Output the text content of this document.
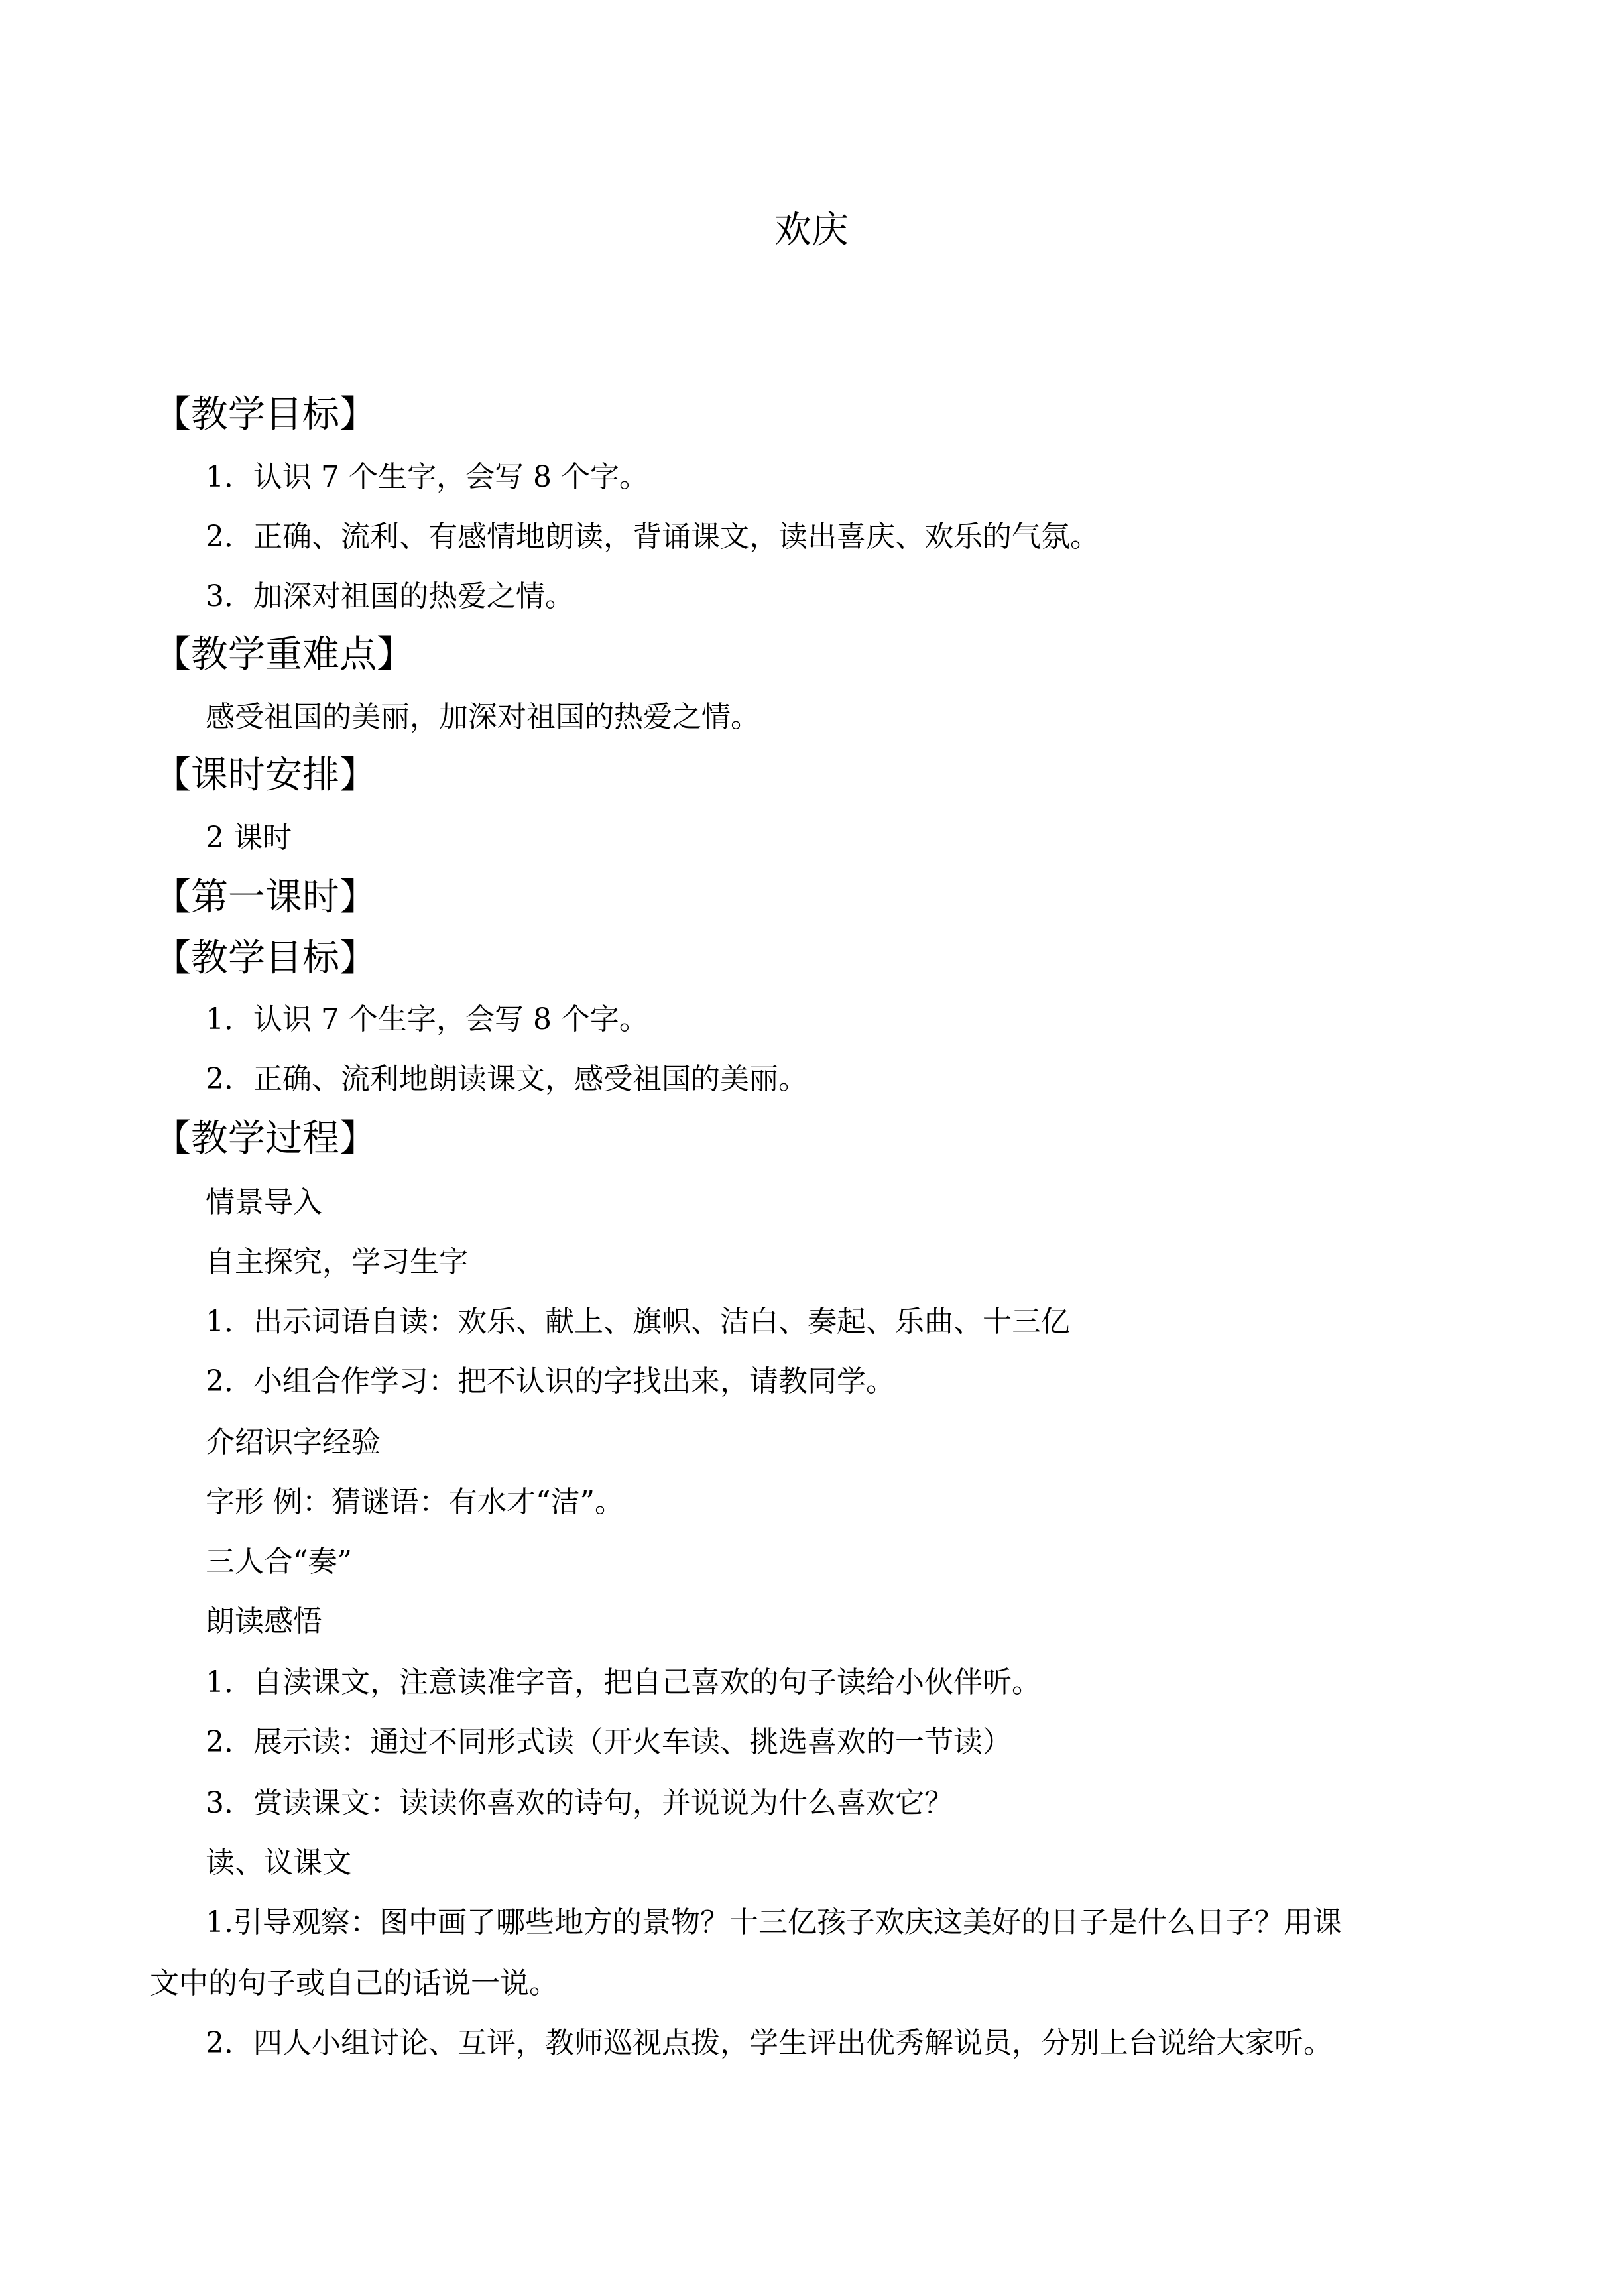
欢庆
【教学目标】
1．认识 7 个生字，会写 8 个字。
2．正确、流利、有感情地朗读，背诵课文，读出喜庆、欢乐的气氛。
3．加深对祖国的热爱之情。
【教学重难点】
感受祖国的美丽，加深对祖国的热爱之情。
【课时安排】
2 课时
【第一课时】
【教学目标】
1．认识 7 个生字，会写 8 个字。
2．正确、流利地朗读课文，感受祖国的美丽。
【教学过程】
情景导入
自主探究，学习生字
1．出示词语自读：欢乐、献上、旗帜、洁白、奏起、乐曲、十三亿
2．小组合作学习：把不认识的字找出来，请教同学。
介绍识字经验
字形 例：猜谜语：有水才“洁”。
三人合“奏”
朗读感悟
1．自渎课文，注意读准字音，把自己喜欢的句子读给小伙伴听。
2．展示读：通过不同形式读（开火车读、挑选喜欢的一节读）
3．赏读课文：读读你喜欢的诗句，并说说为什么喜欢它？
读、议课文
1.引导观察：图中画了哪些地方的景物？十三亿孩子欢庆这美好的日子是什么日子？用课
文中的句子或自己的话说一说。
2．四人小组讨论、互评，教师巡视点拨，学生评出优秀解说员，分别上台说给大家听。
